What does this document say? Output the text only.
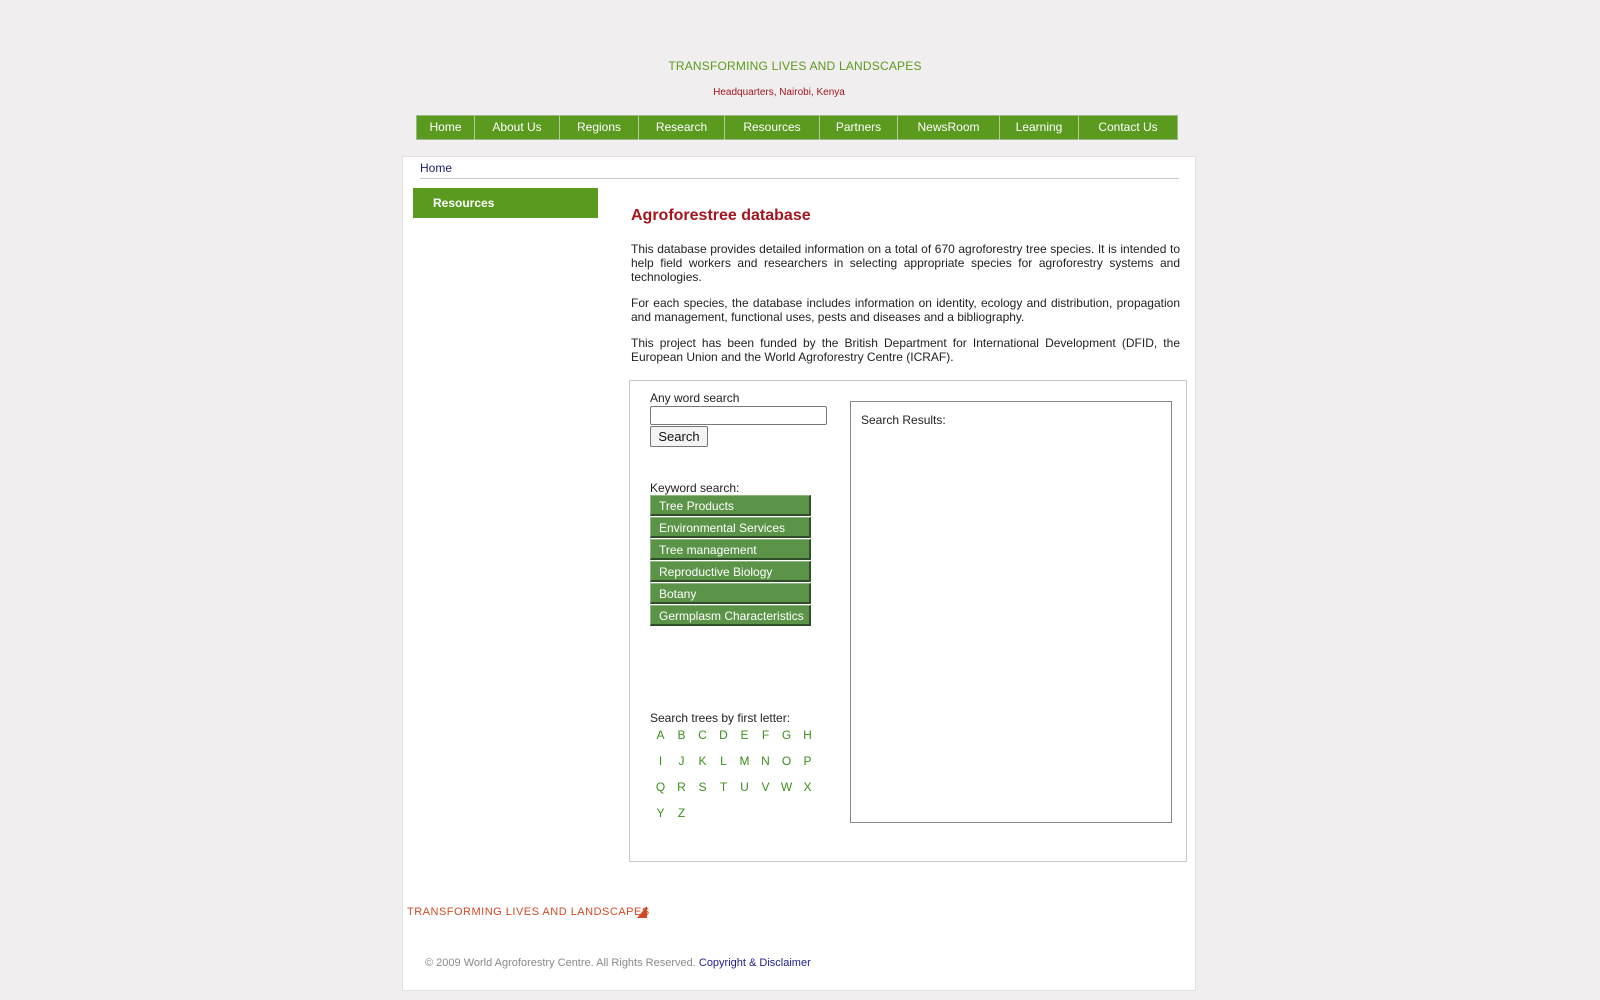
TRANSFORMING LIVES AND LANDSCAPES
Headquarters, Nairobi, Kenya
Home	About Us	Regions	Research	Resources	Partners	NewsRoom	Learning	Contact Us
Home
Resources
Agroforestree database
This database provides detailed information on a total of 670 agroforestry tree species. It is intended to help field workers and researchers in selecting appropriate species for agroforestry systems and technologies.
For each species, the database includes information on identity, ecology and distribution, propagation and management, functional uses, pests and diseases and a bibliography.
This project has been funded by the British Department for International Development (DFID, the European Union and the World Agroforestry Centre (ICRAF).
Any word search
Search
Keyword search:
Tree Products
Environmental Services
Tree management
Reproductive Biology
Botany
Germplasm Characteristics
Search trees by first letter:
A	B	C	D	E	F	G H
I	J	K	L	M N	O	P
Q R	S	T	U	V W X
Y	Z
Search Results:
TRANSFORMING LIVES AND LANDSCAPES
© 2009 World Agroforestry Centre. All Rights Reserved. Copyright & Disclaimer
